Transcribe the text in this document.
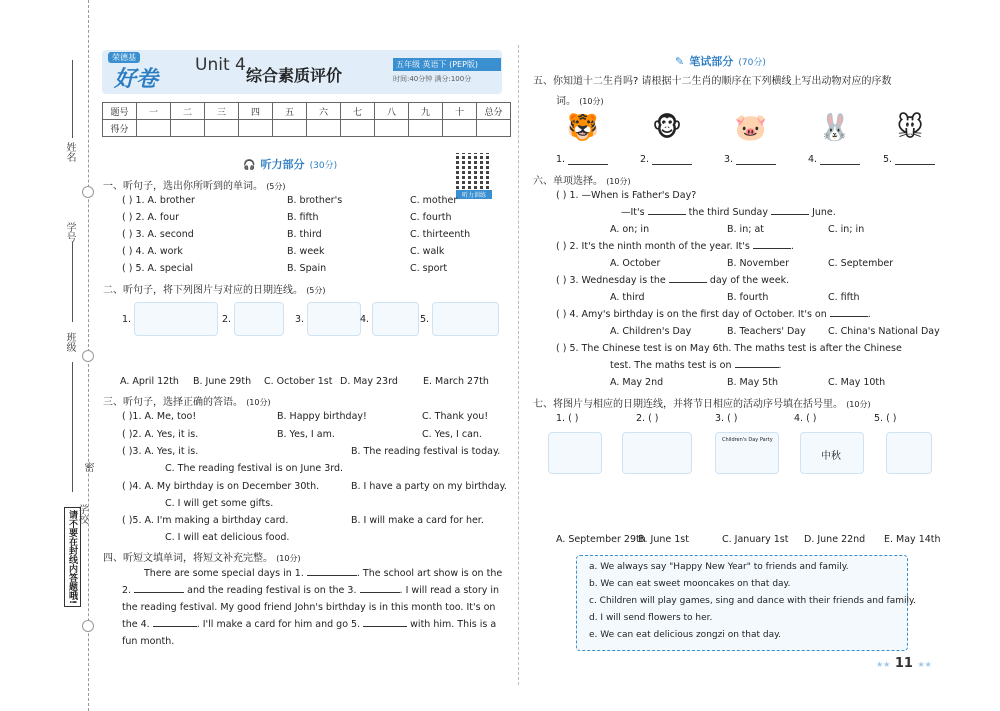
姓名
学号
班级
密
学校
请不要在封线内答题哦!
荣德基
好卷
Unit 4
综合素质评价
五年级 英语下 (PEP版)
时间:40分钟 满分:100分
题号	一	二	三	四	五	六	七	八	九	十	总分
得分											
🎧 听力部分 (30分)
听力训练
一、听句子，选出你所听到的单词。 (5分)
( ) 1. A. brother	B. brother's	C. mother
( ) 2. A. four	B. fifth	C. fourth
( ) 3. A. second	B. third	C. thirteenth
( ) 4. A. work	B. week	C. walk
( ) 5. A. special	B. Spain	C. sport
二、听句子，将下列图片与对应的日期连线。 (5分)
1.	2.	3.	4.	5.
A. April 12th B. June 29th C. October 1st D. May 23rd	E. March 27th
三、听句子，选择正确的答语。 (10分)
( )1. A. Me, too!	B. Happy birthday!	C. Thank you!
( )2. A. Yes, it is.	B. Yes, I am.	C. Yes, I can.
( )3. A. Yes, it is.	B. The reading festival is today.
C. The reading festival is on June 3rd.
( )4. A. My birthday is on December 30th.	B. I have a party on my birthday.
C. I will get some gifts.
( )5. A. I'm making a birthday card.	B. I will make a card for her.
C. I will eat delicious food.
四、听短文填单词，将短文补充完整。 (10分)
There are some special days in 1.	. The school art show is on the
2.	and the reading festival is on the 3.	. I will read a story in
the reading festival. My good friend John's birthday is in this month too. It's on
the 4.	. I'll make a card for him and go 5.	with him. This is a
fun month.
✎ 笔试部分 (70分)
五、你知道十二生肖吗? 请根据十二生肖的顺序在下列横线上写出动物对应的序数
词。 (10分)
🐯
1.
🐵
2.
🐷
3.
🐰
4.
🐭
5.
六、单项选择。 (10分)
( ) 1. —When is Father's Day?
—It's	the third Sunday	June.
A. on; in	B. in; at	C. in; in
( ) 2. It's the ninth month of the year. It's	.
A. October	B. November	C. September
( ) 3. Wednesday is the	day of the week.
A. third	B. fourth	C. fifth
( ) 4. Amy's birthday is on the first day of October. It's on	.
A. Children's Day	B. Teachers' Day C. China's National Day
( ) 5. The Chinese test is on May 6th. The maths test is after the Chinese
test. The maths test is on	.
A. May 2nd	B. May 5th	C. May 10th
七、将图片与相应的日期连线，并将节日相应的活动序号填在括号里。 (10分)
1. ( )	2. ( )	3. ( )	4. ( )	5. ( )
Children's Day Party
中秋
A. September 29th
B. June 1st	C. January 1st D. June 22nd E. May 14th
a. We always say "Happy New Year" to friends and family.
b. We can eat sweet mooncakes on that day.
c. Children will play games, sing and dance with their friends and family.
d. I will send flowers to her.
e. We can eat delicious zongzi on that day.
★★ 11 ★★
